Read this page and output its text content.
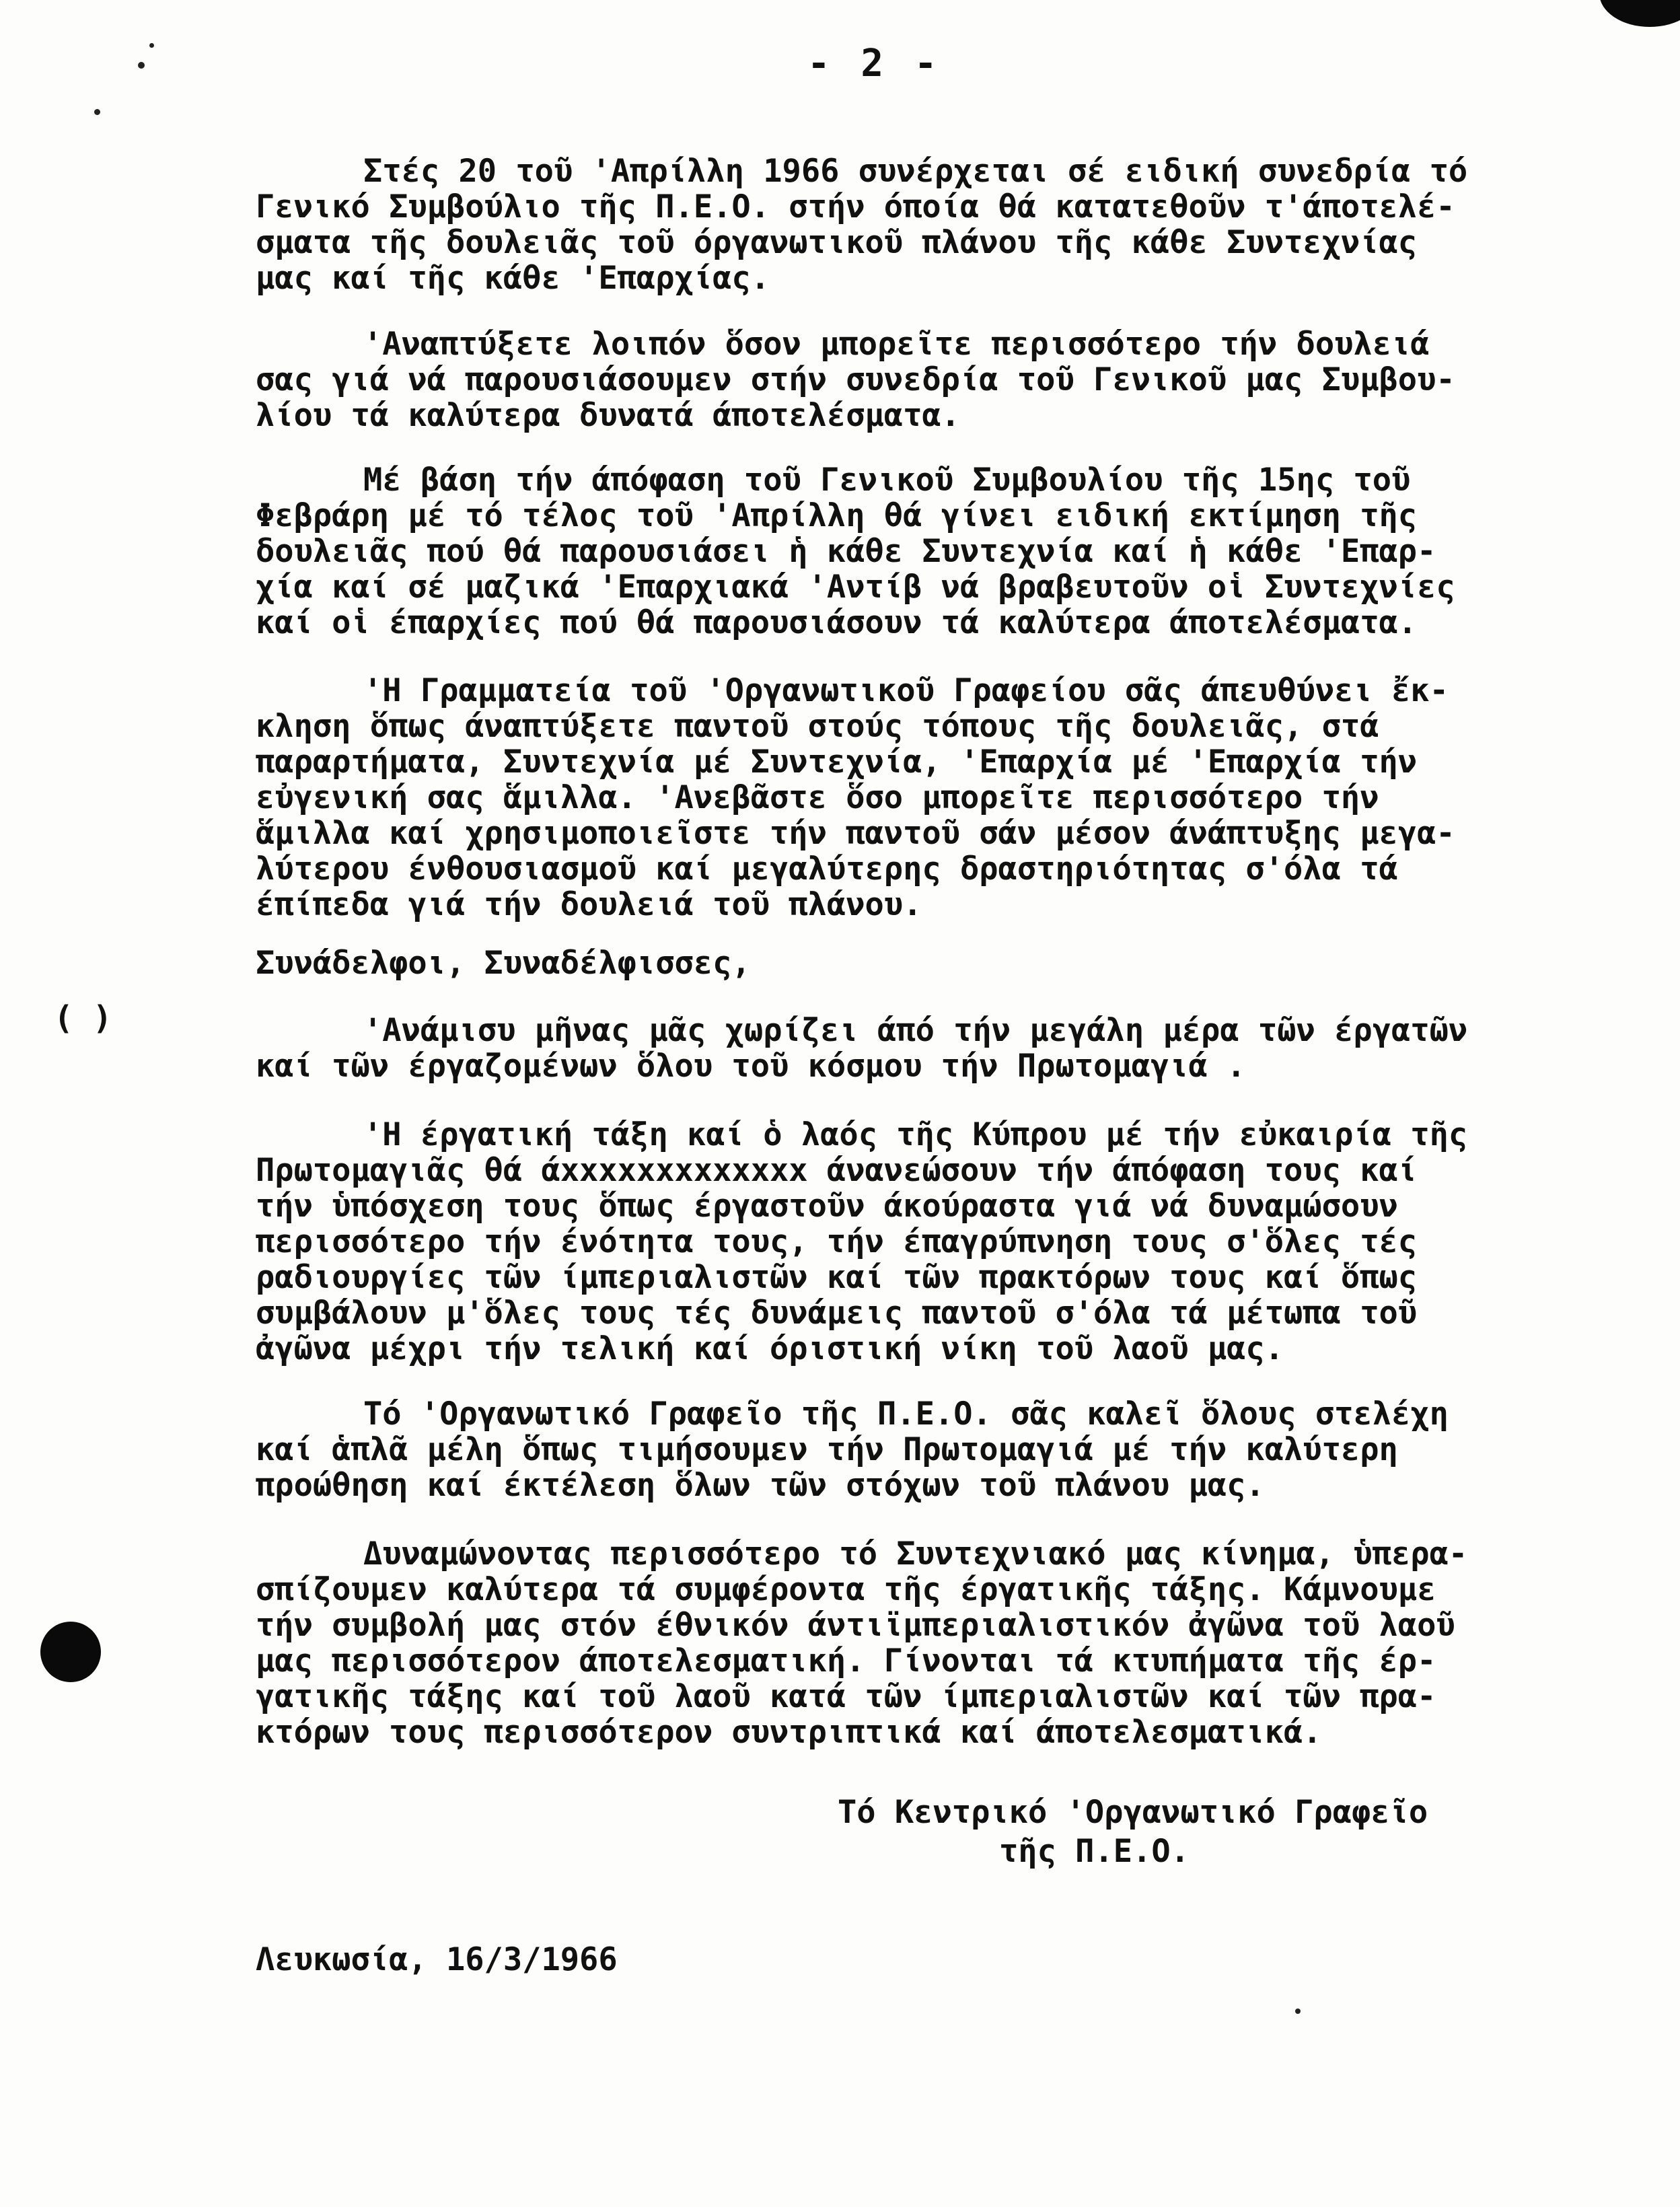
( )
- 2 -
Στές 20 τοῦ 'Απρίλλη 1966 συνέρχεται σέ ειδική συνεδρία τό
Γενικό Συμβούλιο τῆς Π.Ε.Ο. στήν όποία θά κατατεθοῦν τ'άποτελέ-
σματα τῆς δουλειᾶς τοῦ όργανωτικοῦ πλάνου τῆς κάθε Συντεχνίας
μας καί τῆς κάθε 'Επαρχίας.
'Αναπτύξετε λοιπόν ὅσον μπορεῖτε περισσότερο τήν δουλειά
σας γιά νά παρουσιάσουμεν στήν συνεδρία τοῦ Γενικοῦ μας Συμβου-
λίου τά καλύτερα δυνατά άποτελέσματα.
Μέ βάση τήν άπόφαση τοῦ Γενικοῦ Συμβουλίου τῆς 15ης τοῦ
Φεβράρη μέ τό τέλος τοῦ 'Απρίλλη θά γίνει ειδική εκτίμηση τῆς
δουλειᾶς πού θά παρουσιάσει ἡ κάθε Συντεχνία καί ἡ κάθε 'Επαρ-
χία καί σέ μαζικά 'Επαρχιακά 'Αντίβ νά βραβευτοῦν οἱ Συντεχνίες
καί οἱ έπαρχίες πού θά παρουσιάσουν τά καλύτερα άποτελέσματα.
'Η Γραμματεία τοῦ 'Οργανωτικοῦ Γραφείου σᾶς άπευθύνει ἔκ-
κληση ὅπως άναπτύξετε παντοῦ στούς τόπους τῆς δουλειᾶς, στά
παραρτήματα, Συντεχνία μέ Συντεχνία, 'Επαρχία μέ 'Επαρχία τήν
εὐγενική σας ἅμιλλα. 'Ανεβᾶστε ὅσο μπορεῖτε περισσότερο τήν
ἅμιλλα καί χρησιμοποιεῖστε τήν παντοῦ σάν μέσον άνάπτυξης μεγα-
λύτερου ένθουσιασμοῦ καί μεγαλύτερης δραστηριότητας σ'όλα τά
έπίπεδα γιά τήν δουλειά τοῦ πλάνου.
Συνάδελφοι, Συναδέλφισσες,
'Ανάμισυ μῆνας μᾶς χωρίζει άπό τήν μεγάλη μέρα τῶν έργατῶν
καί τῶν έργαζομένων ὅλου τοῦ κόσμου τήν Πρωτομαγιά .
'Η έργατική τάξη καί ὁ λαός τῆς Κύπρου μέ τήν εὐκαιρία τῆς
Πρωτομαγιᾶς θά άxxxxxxxxxxxxx άνανεώσουν τήν άπόφαση τους καί
τήν ὑπόσχεση τους ὅπως έργαστοῦν άκούραστα γιά νά δυναμώσουν
περισσότερο τήν ένότητα τους, τήν έπαγρύπνηση τους σ'ὅλες τές
ραδιουργίες τῶν ίμπεριαλιστῶν καί τῶν πρακτόρων τους καί ὅπως
συμβάλουν μ'ὅλες τους τές δυνάμεις παντοῦ σ'όλα τά μέτωπα τοῦ
ἀγῶνα μέχρι τήν τελική καί όριστική νίκη τοῦ λαοῦ μας.
Τό 'Οργανωτικό Γραφεῖο τῆς Π.Ε.Ο. σᾶς καλεῖ ὅλους στελέχη
καί ἁπλᾶ μέλη ὅπως τιμήσουμεν τήν Πρωτομαγιά μέ τήν καλύτερη
προώθηση καί έκτέλεση ὅλων τῶν στόχων τοῦ πλάνου μας.
Δυναμώνοντας περισσότερο τό Συντεχνιακό μας κίνημα, ὑπερα-
σπίζουμεν καλύτερα τά συμφέροντα τῆς έργατικῆς τάξης. Κάμνουμε
τήν συμβολή μας στόν έθνικόν άντιϊμπεριαλιστικόν ἀγῶνα τοῦ λαοῦ
μας περισσότερον άποτελεσματική. Γίνονται τά κτυπήματα τῆς έρ-
γατικῆς τάξης καί τοῦ λαοῦ κατά τῶν ίμπεριαλιστῶν καί τῶν πρα-
κτόρων τους περισσότερον συντριπτικά καί άποτελεσματικά.
Τό Κεντρικό 'Οργανωτικό Γραφεῖο
τῆς Π.Ε.Ο.
Λευκωσία, 16/3/1966
